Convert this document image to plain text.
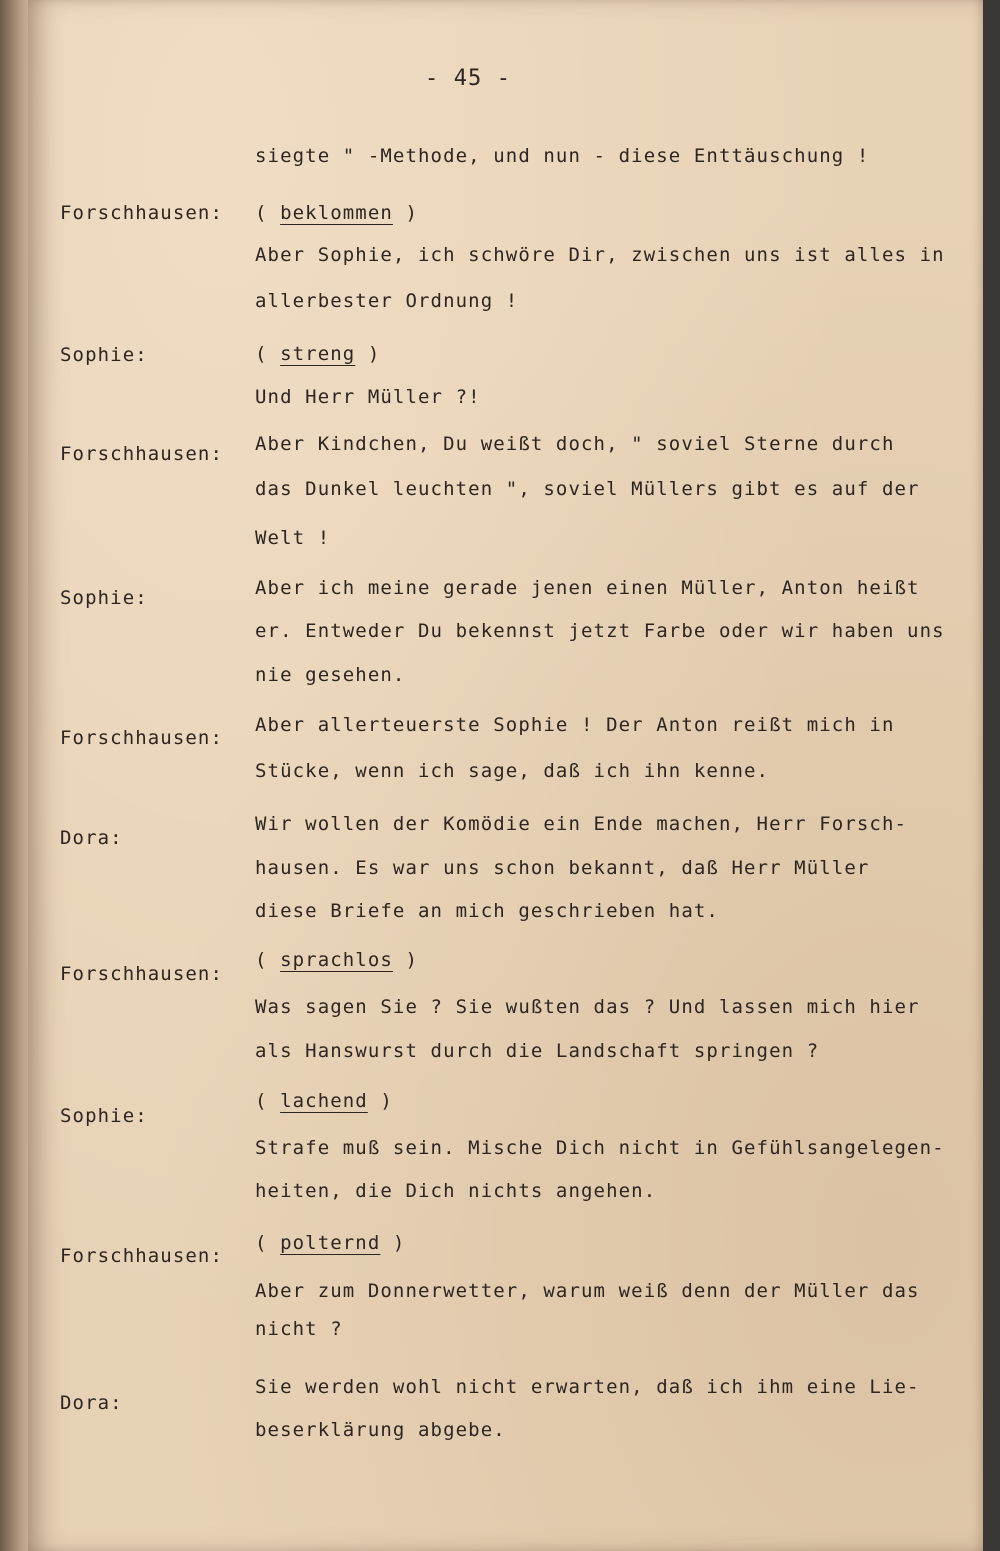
- 45 -

siegte " -Methode, und nun - diese Enttäuschung !

Forschhausen: ( beklommen )

Aber Sophie, ich schwöre Dir, zwischen uns ist alles in

allerbester Ordnung !

Sophie:	( streng )

Und Herr Müller ?!

Forschhausen: Aber Kindchen, Du weißt doch, " soviel Sterne durch

das Dunkel leuchten ", soviel Müllers gibt es auf der

Welt !

Sophie:	Aber ich meine gerade jenen einen Müller, Anton heißt

er. Entweder Du bekennst jetzt Farbe oder wir haben uns

nie gesehen.

Forschhausen:

Aber allerteuerste Sophie ! Der Anton reißt mich in

Stücke, wenn ich sage, daß ich ihn kenne.

Dora:

Wir wollen der Komödie ein Ende machen, Herr Forsch-

hausen. Es war uns schon bekannt, daß Herr Müller

diese Briefe an mich geschrieben hat.

Forschhausen:

( sprachlos )

Was sagen Sie ? Sie wußten das ? Und lassen mich hier

als Hanswurst durch die Landschaft springen ?

Sophie:

( lachend )

Strafe muß sein. Mische Dich nicht in Gefühlsangelegen-

heiten, die Dich nichts angehen.

Forschhausen:

( polternd )

Aber zum Donnerwetter, warum weiß denn der Müller das

nicht ?

Dora:

Sie werden wohl nicht erwarten, daß ich ihm eine Lie-

beserklärung abgebe.
